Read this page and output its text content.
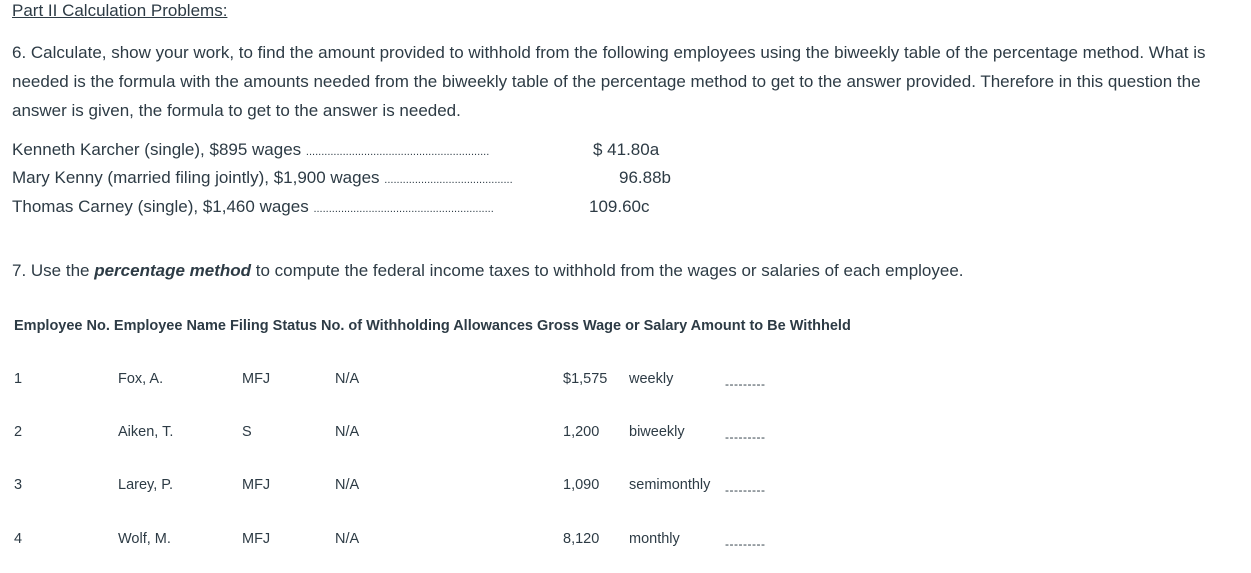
Part II Calculation Problems:
6. Calculate, show your work, to find the amount provided to withhold from the following employees using the biweekly table of the percentage method. What is needed is the formula with the amounts needed from the biweekly table of the percentage method to get to the answer provided. Therefore in this question the answer is given, the formula to get to the answer is needed.
Kenneth Karcher (single), $895 wages ............................................................	$ 41.80a
Mary Kenny (married filing jointly), $1,900 wages ..........................................	96.88b
Thomas Carney (single), $1,460 wages ...........................................................	109.60c
7. Use the percentage method to compute the federal income taxes to withhold from the wages or salaries of each employee.
Employee No. Employee Name Filing Status No. of Withholding Allowances Gross Wage or Salary Amount to Be Withheld
1	Fox, A.	MFJ	N/A	$1,575 weekly	---------
2	Aiken, T.	S	N/A	1,200 biweekly	---------
3	Larey, P.	MFJ	N/A	1,090 semimonthly ---------
4	Wolf, M.	MFJ	N/A	8,120 monthly	---------
